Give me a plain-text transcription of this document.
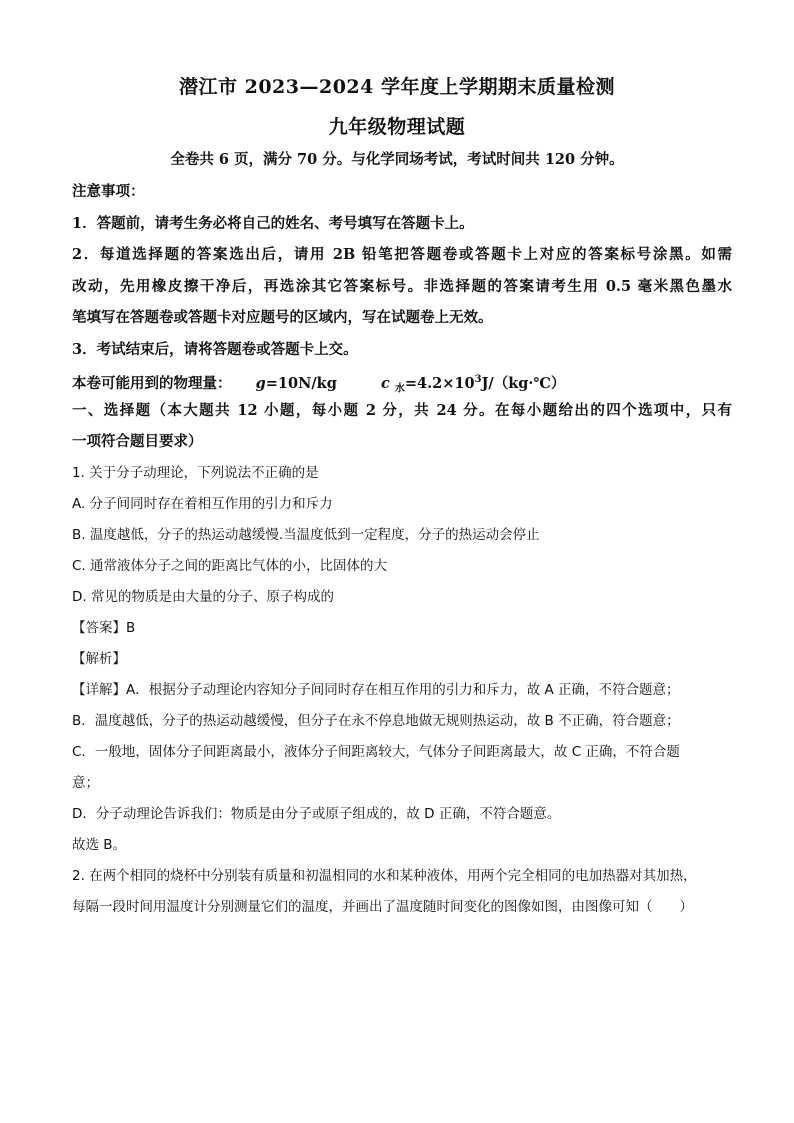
潜江市 2023—2024 学年度上学期期末质量检测
九年级物理试题
全卷共 6 页，满分 70 分。与化学同场考试，考试时间共 120 分钟。
注意事项：
1．答题前，请考生务必将自己的姓名、考号填写在答题卡上。
2．每道选择题的答案选出后，请用 2B 铅笔把答题卷或答题卡上对应的答案标号涂黑。如需
改动，先用橡皮擦干净后，再选涂其它答案标号。非选择题的答案请考生用 0.5 毫米黑色墨水
笔填写在答题卷或答题卡对应题号的区域内，写在试题卷上无效。
3．考试结束后，请将答题卷或答题卡上交。
本卷可能用到的物理量： g=10N/kg	c $_水=4.2\times 10^3J/(kg\cdot℃)$
一、选择题（本大题共 12 小题，每小题 2 分，共 24 分。在每小题给出的四个选项中，只有
一项符合题目要求）
1. 关于分子动理论，下列说法不正确的是
A. 分子间同时存在着相互作用的引力和斥力
B. 温度越低，分子的热运动越缓慢.当温度低到一定程度，分子的热运动会停止
C. 通常液体分子之间的距离比气体的小，比固体的大
D. 常见的物质是由大量的分子、原子构成的
【答案】B
【解析】
【详解】A．根据分子动理论内容知分子间同时存在相互作用的引力和斥力，故 A 正确，不符合题意；
B．温度越低，分子的热运动越缓慢，但分子在永不停息地做无规则热运动，故 B 不正确，符合题意；
C．一般地，固体分子间距离最小，液体分子间距离较大，气体分子间距离最大，故 C 正确，不符合题
意；
D．分子动理论告诉我们：物质是由分子或原子组成的，故 D 正确，不符合题意。
故选 B。
2. 在两个相同的烧杯中分别装有质量和初温相同的水和某种液体，用两个完全相同的电加热器对其加热，
每隔一段时间用温度计分别测量它们的温度，并画出了温度随时间变化的图像如图，由图像可知（　　）
